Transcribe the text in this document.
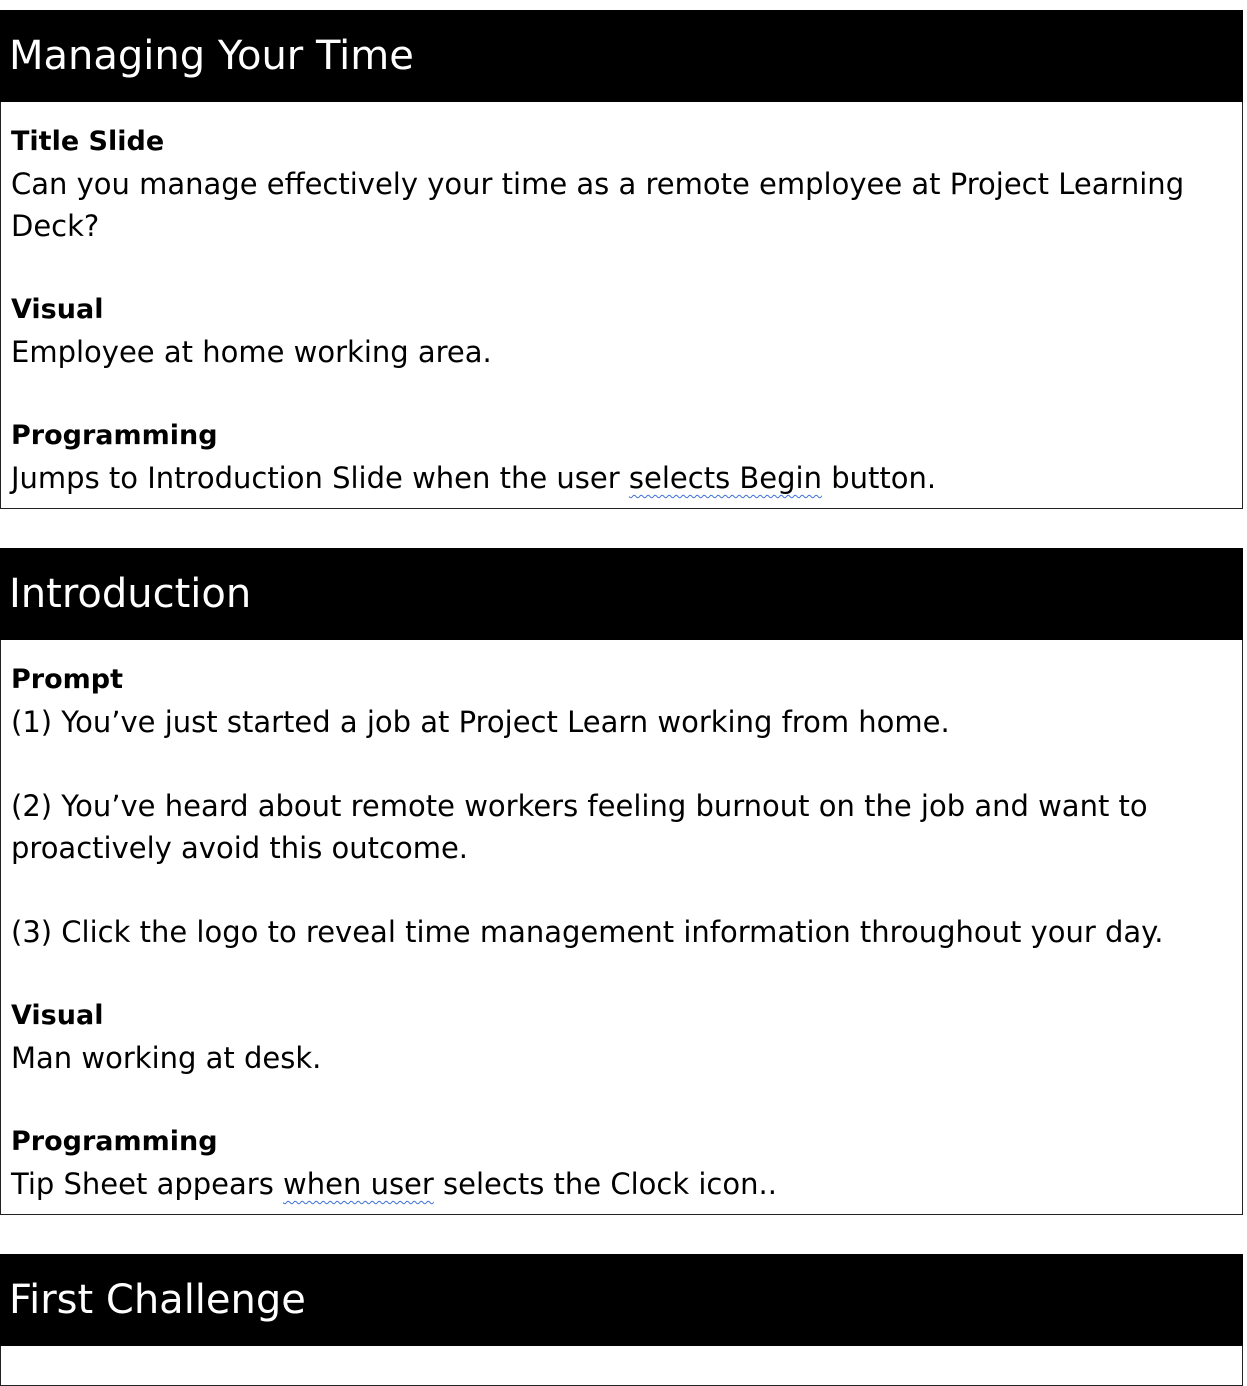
Managing Your Time

Title Slide

Can you manage effectively your time as a remote employee at Project Learning Deck?

Visual

Employee at home working area.

Programming

Jumps to Introduction Slide when the user selects Begin button.

Introduction

Prompt

(1) You’ve just started a job at Project Learn working from home.

(2) You’ve heard about remote workers feeling burnout on the job and want to proactively avoid this outcome.

(3) Click the logo to reveal time management information throughout your day.

Visual

Man working at desk.

Programming

Tip Sheet appears when user selects the Clock icon..

First Challenge
